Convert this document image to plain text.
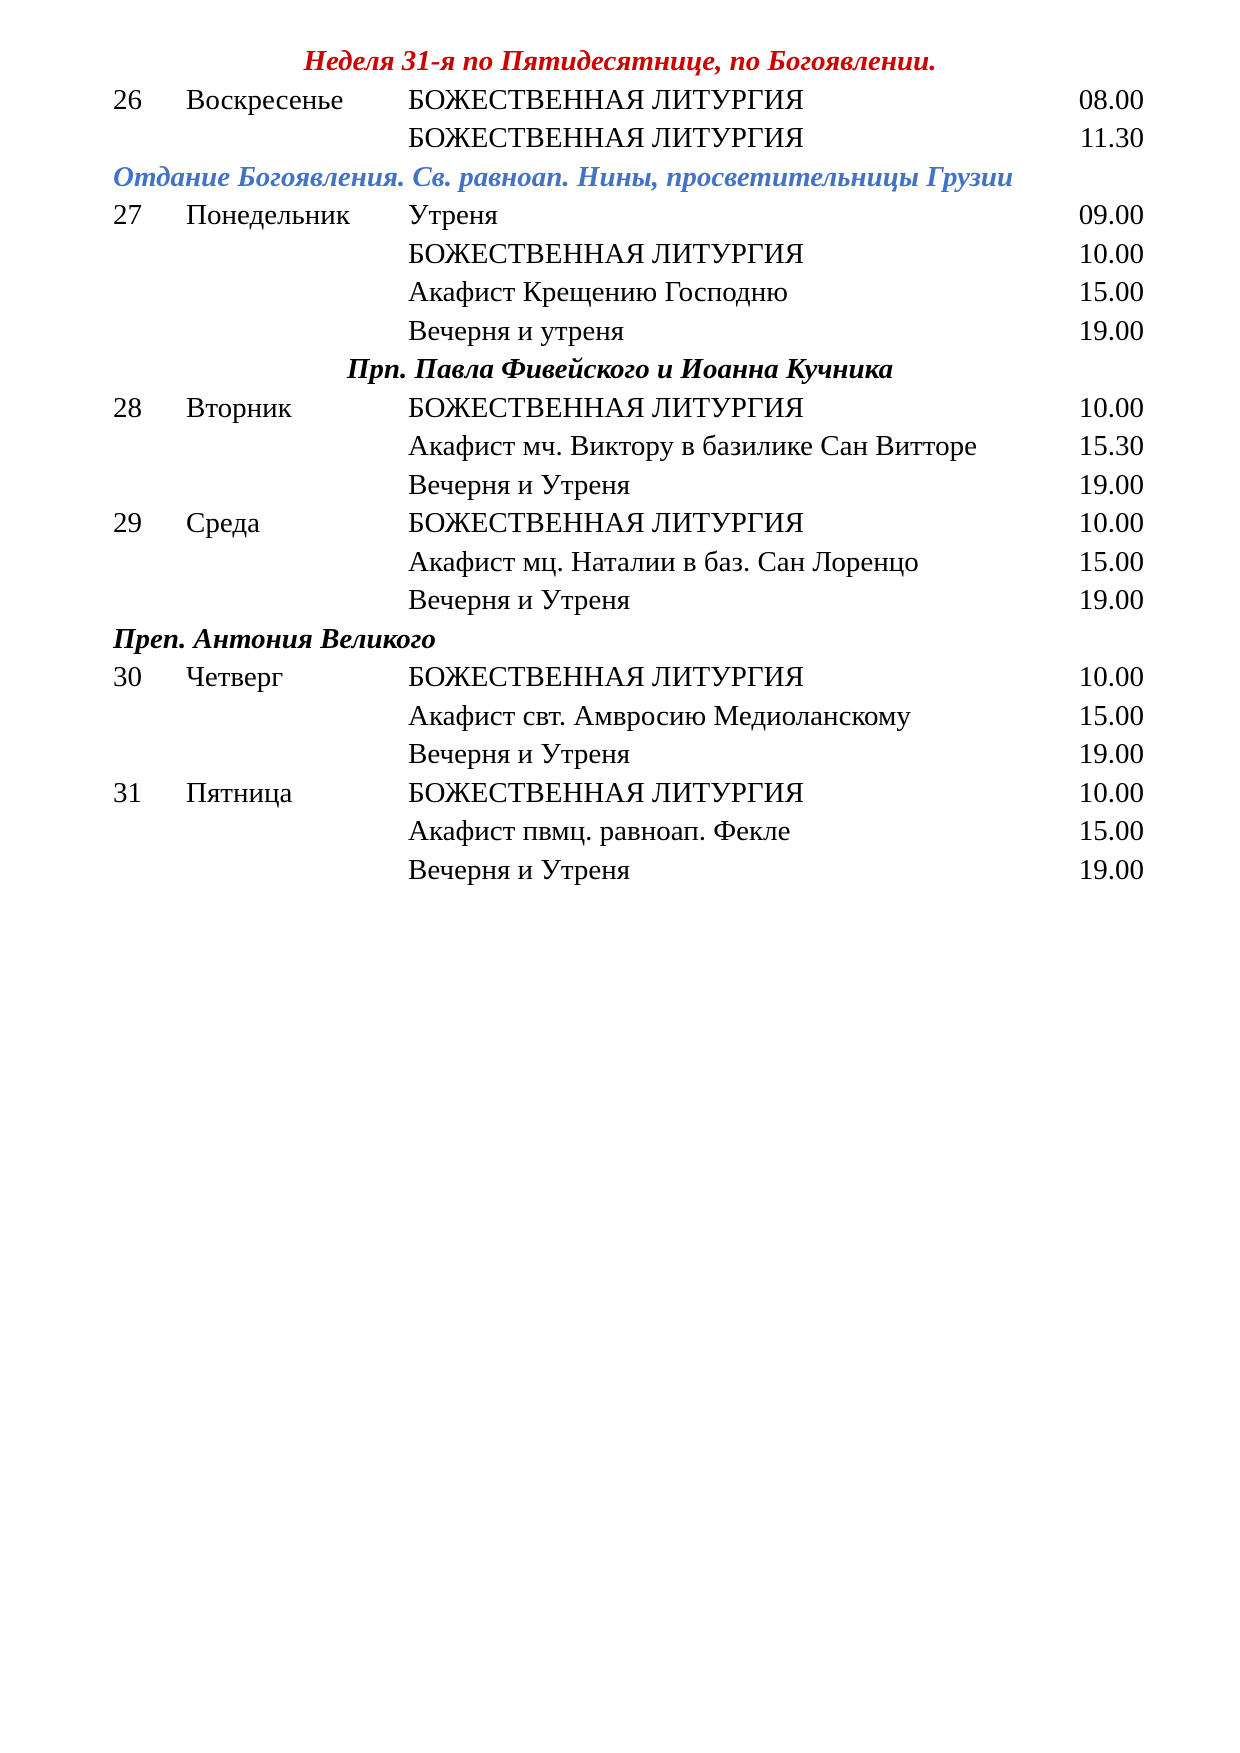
Неделя 31-я по Пятидесятнице, по Богоявлении.
26 Воскресенье БОЖЕСТВЕННАЯ ЛИТУРГИЯ	08.00
БОЖЕСТВЕННАЯ ЛИТУРГИЯ	11.30
Отдание Богоявления. Св. равноап. Нины, просветительницы Грузии
27 Понедельник Утреня	09.00
БОЖЕСТВЕННАЯ ЛИТУРГИЯ	10.00
Акафист Крещению Господню	15.00
Вечерня и утреня	19.00
Прп. Павла Фивейского и Иоанна Кучника
28 Вторник	БОЖЕСТВЕННАЯ ЛИТУРГИЯ	10.00
Акафист мч. Виктору в базилике Сан Витторе	15.30
Вечерня и Утреня	19.00
29 Среда	БОЖЕСТВЕННАЯ ЛИТУРГИЯ	10.00
Акафист мц. Наталии в баз. Сан Лоренцо	15.00
Вечерня и Утреня	19.00
Преп. Антония Великого
30 Четверг	БОЖЕСТВЕННАЯ ЛИТУРГИЯ	10.00
Акафист свт. Амвросию Медиоланскому	15.00
Вечерня и Утреня	19.00
31 Пятница	БОЖЕСТВЕННАЯ ЛИТУРГИЯ	10.00
Акафист пвмц. равноап. Фекле	15.00
Вечерня и Утреня	19.00
